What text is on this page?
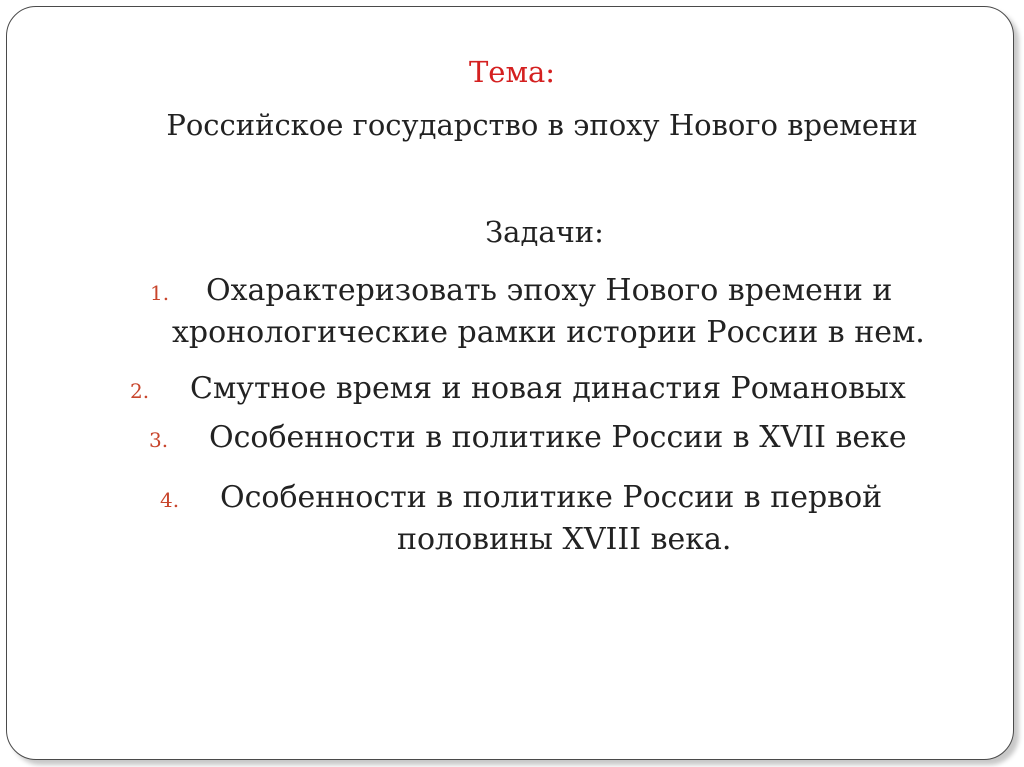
Тема:
Российское государство в эпоху Нового времени
Задачи:
1.	Охарактеризовать эпоху Нового времени и
хронологические рамки истории России в нем.
2.	Смутное время и новая династия Романовых
3.	Особенности в политике России в XVII веке
4.	Особенности в политике России в первой
половины XVIII века.
